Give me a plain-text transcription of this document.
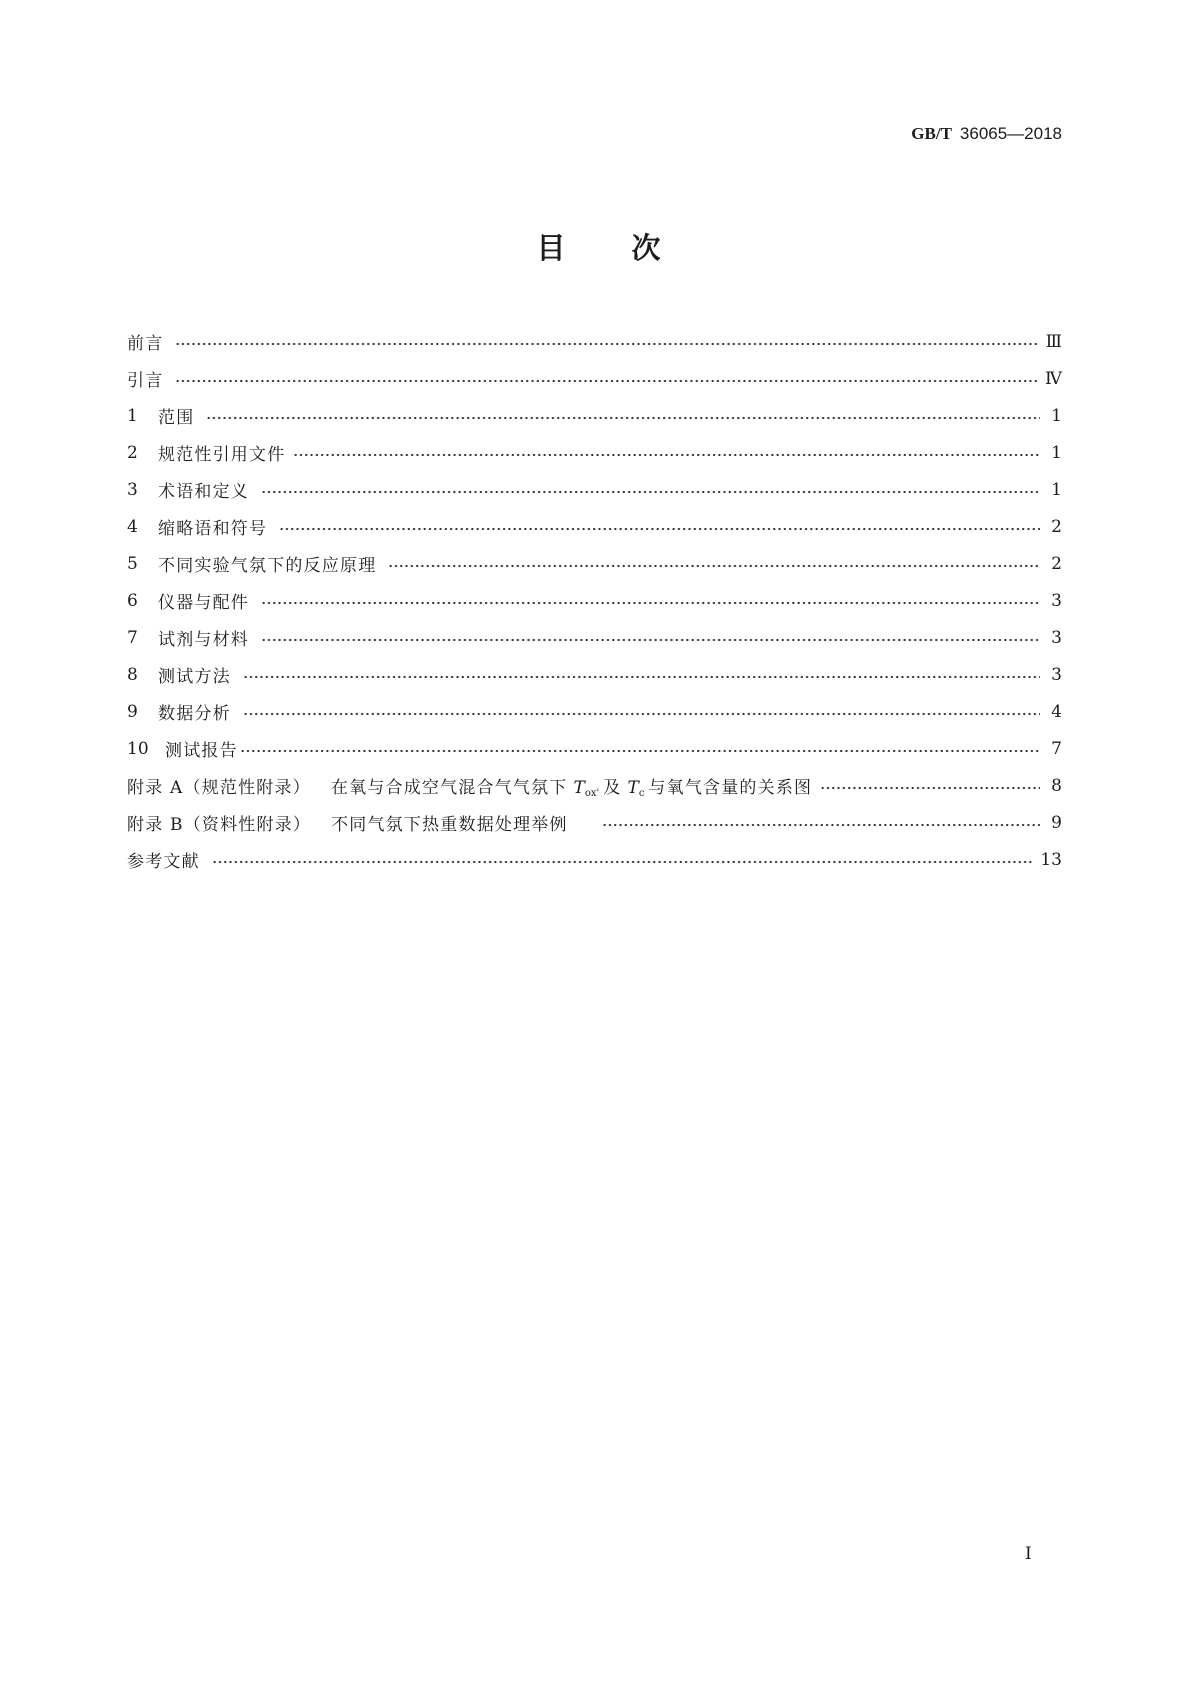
GB/T 36065—2018
目 次
前言	Ⅲ
引言	Ⅳ
1	范围	1
2	规范性引用文件	1
3	术语和定义	1
4	缩略语和符号	2
5	不同实验气氛下的反应原理	2
6	仪器与配件	3
7	试剂与材料	3
8	测试方法	3
9	数据分析	4
10 测试报告	7
附录 A（规范性附录） 在氧与合成空气混合气气氛下 $T_{ox'}$ 及 $T_c$ 与氧气含量的关系图	8
附录 B（资料性附录） 不同气氛下热重数据处理举例	9
参考文献	13
I
